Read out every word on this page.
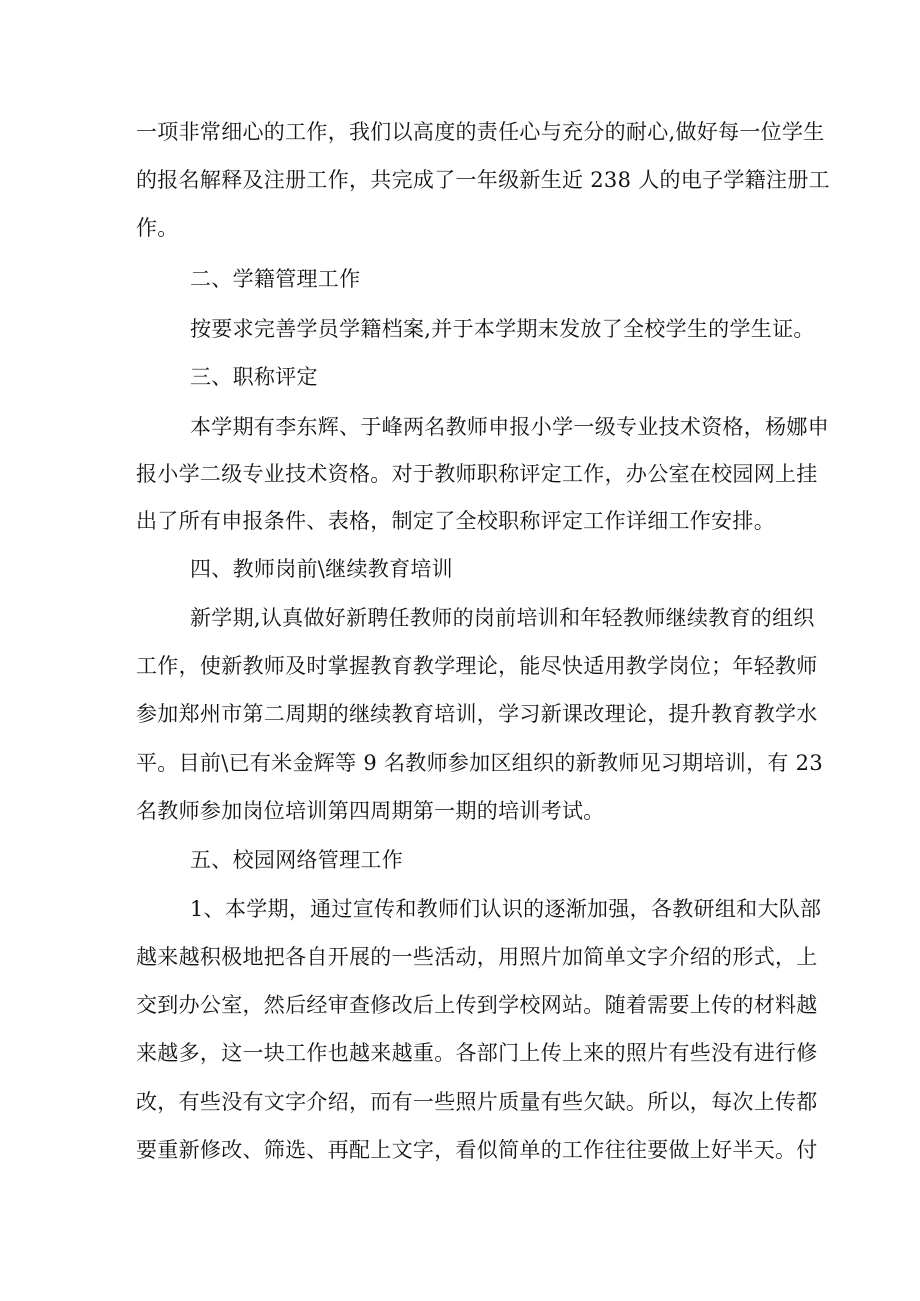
一项非常细心的工作，我们以高度的责任心与充分的耐心,做好每一位学生
的报名解释及注册工作，共完成了一年级新生近 238 人的电子学籍注册工
作。
二、学籍管理工作
按要求完善学员学籍档案,并于本学期末发放了全校学生的学生证。
三、职称评定
本学期有李东辉、于峰两名教师申报小学一级专业技术资格，杨娜申
报小学二级专业技术资格。对于教师职称评定工作，办公室在校园网上挂
出了所有申报条件、表格，制定了全校职称评定工作详细工作安排。
四、教师岗前\继续教育培训
新学期,认真做好新聘任教师的岗前培训和年轻教师继续教育的组织
工作，使新教师及时掌握教育教学理论，能尽快适用教学岗位；年轻教师
参加郑州市第二周期的继续教育培训，学习新课改理论，提升教育教学水
平。目前\已有米金辉等 9 名教师参加区组织的新教师见习期培训，有 23
名教师参加岗位培训第四周期第一期的培训考试。
五、校园网络管理工作
1、本学期，通过宣传和教师们认识的逐渐加强，各教研组和大队部
越来越积极地把各自开展的一些活动，用照片加简单文字介绍的形式，上
交到办公室，然后经审查修改后上传到学校网站。随着需要上传的材料越
来越多，这一块工作也越来越重。各部门上传上来的照片有些没有进行修
改，有些没有文字介绍，而有一些照片质量有些欠缺。所以，每次上传都
要重新修改、筛选、再配上文字，看似简单的工作往往要做上好半天。付
